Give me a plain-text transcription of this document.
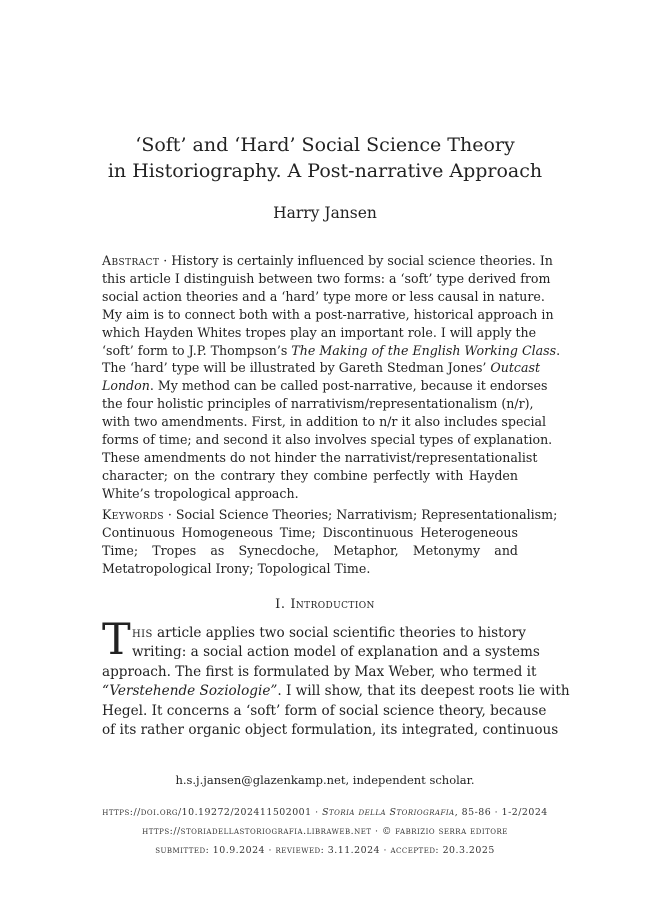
‘Soft’ and ‘Hard’ Social Science Theory
in Historiography. A Post-narrative Approach
Harry Jansen
Abstract · History is certainly influenced by social science theories. In
this article I distinguish between two forms: a ‘soft’ type derived from
social action theories and a ‘hard’ type more or less causal in nature.
My aim is to connect both with a post-narrative, historical approach in
which Hayden Whites tropes play an important role. I will apply the
‘soft’ form to J.P. Thompson’s The Making of the English Working Class.
The ‘hard’ type will be illustrated by Gareth Stedman Jones’ Outcast
London. My method can be called post-narrative, because it endorses
the four holistic principles of narrativism/representationalism (n/r),
with two amendments. First, in addition to n/r it also includes special
forms of time; and second it also involves special types of explanation.
These amendments do not hinder the narrativist/representationalist
character; on the contrary they combine perfectly with Hayden
White’s tropological approach.
Keywords · Social Science Theories; Narrativism; Representationalism;
Continuous Homogeneous Time; Discontinuous Heterogeneous
Time; Tropes as Synecdoche, Metaphor, Metonymy and
Metatropological Irony; Topological Time.
I. Introduction
T his article applies two social scientific theories to history
writing: a social action model of explanation and a systems
approach. The first is formulated by Max Weber, who termed it
“Verstehende Soziologie”. I will show, that its deepest roots lie with
Hegel. It concerns a ‘soft’ form of social science theory, because
of its rather organic object formulation, its integrated, continuous
h.s.j.jansen@glazenkamp.net, independent scholar.
https://doi.org/10.19272/202411502001 · Storia della Storiografia, 85-86 · 1-2/2024
https://storiadellastoriografia.libraweb.net · © fabrizio serra editore
submitted: 10.9.2024 · reviewed: 3.11.2024 · accepted: 20.3.2025
